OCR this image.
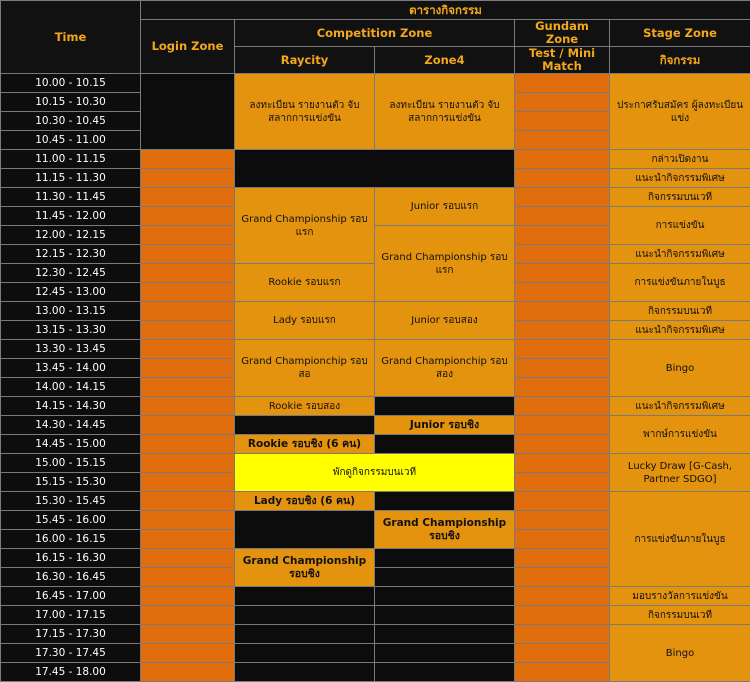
Time	ตารางกิจกรรม				
	Login Zone	Competition Zone		Gundam Zone	Stage Zone
		Raycity	Zone4	Test / Mini Match	กิจกรรม
10.00 - 10.15		ลงทะเบียน รายงานตัว จับสลากการแข่งขัน	ลงทะเบียน รายงานตัว จับสลากการแข่งขัน		ประกาศรับสมัคร ผู้ลงทะเบียนแข่ง
10.15 - 10.30					
10.30 - 10.45					
10.45 - 11.00					
11.00 - 11.15					กล่าวเปิดงาน
11.15 - 11.30					แนะนำกิจกรรมพิเศษ
11.30 - 11.45		Grand Championship รอบแรก	Junior รอบแรก		กิจกรรมบนเวที
11.45 - 12.00					การแข่งขัน
12.00 - 12.15			Grand Championship รอบแรก		
12.15 - 12.30					แนะนำกิจกรรมพิเศษ
12.30 - 12.45		Rookie รอบแรก			การแข่งขันภายในบูธ
12.45 - 13.00					
13.00 - 13.15		Lady รอบแรก	Junior รอบสอง		กิจกรรมบนเวที
13.15 - 13.30					แนะนำกิจกรรมพิเศษ
13.30 - 13.45		Grand Championchip รอบสอ	Grand Championchip รอบสอง		Bingo
13.45 - 14.00					
14.00 - 14.15					
14.15 - 14.30		Rookie รอบสอง			แนะนำกิจกรรมพิเศษ
14.30 - 14.45			Junior รอบชิง		พากษ์การแข่งขัน
14.45 - 15.00		Rookie รอบชิง (6 คน)			
15.00 - 15.15		พักดูกิจกรรมบนเวที			Lucky Draw [G-Cash, Partner SDGO]
15.15 - 15.30					
15.30 - 15.45		Lady รอบชิง (6 คน)			การแข่งขันภายในบูธ
15.45 - 16.00			Grand Championship รอบชิง		
16.00 - 16.15					
16.15 - 16.30		Grand Championship รอบชิง			
16.30 - 16.45					
16.45 - 17.00					มอบรางวัลการแข่งขัน
17.00 - 17.15					กิจกรรมบนเวที
17.15 - 17.30					Bingo
17.30 - 17.45					
17.45 - 18.00					
